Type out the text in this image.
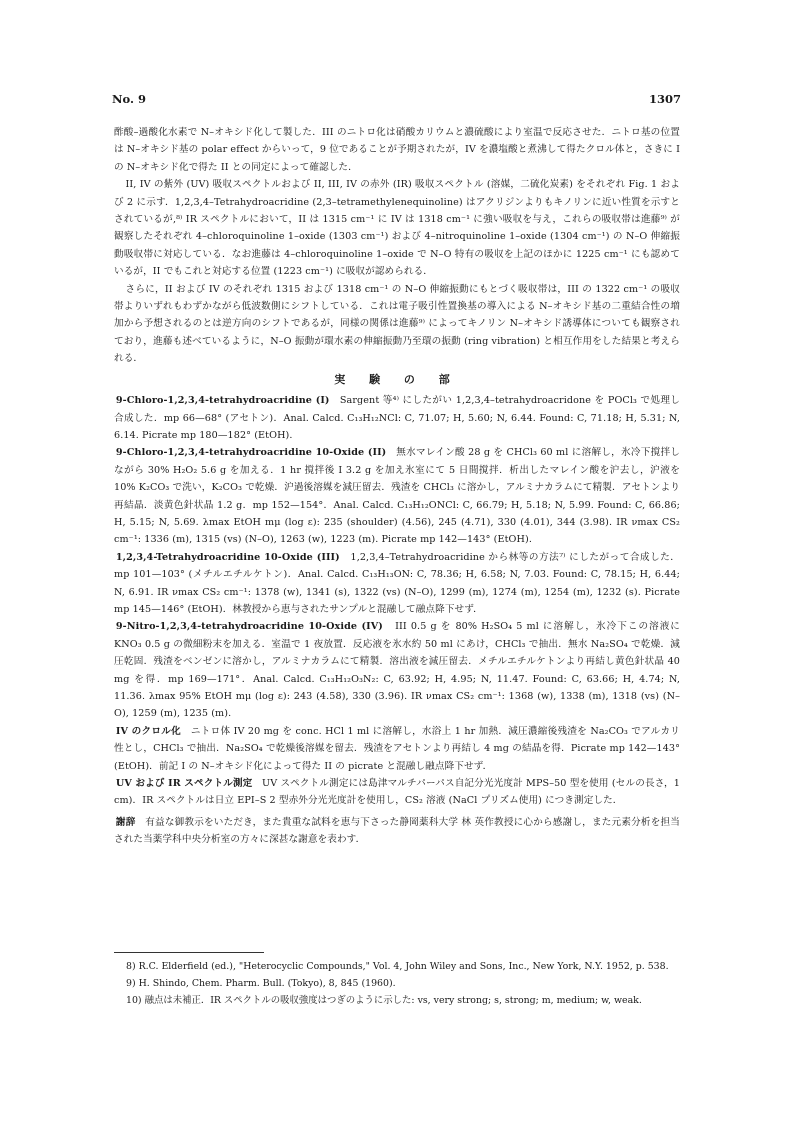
No. 9	1307

酢酸–過酸化水素で N–オキシド化して製した．III のニトロ化は硝酸カリウムと濃硫酸により室温で反応させた．ニトロ基の位置は N–オキシド基の polar effect からいって，9 位であることが予期されたが，IV を濃塩酸と煮沸して得たクロル体と，さきに I の N–オキシド化で得た II との同定によって確認した．

II, IV の紫外 (UV) 吸収スペクトルおよび II, III, IV の赤外 (IR) 吸収スペクトル (溶媒，二硫化炭素) をそれぞれ Fig. 1 および 2 に示す．1,2,3,4–Tetrahydroacridine (2,3–tetramethylenequinoline) はアクリジンよりもキノリンに近い性質を示すとされているが,⁸⁾ IR スペクトルにおいて，II は 1315 cm⁻¹ に IV は 1318 cm⁻¹ に強い吸収を与え，これらの吸収帯は進藤⁹⁾ が観察したそれぞれ 4–chloroquinoline 1–oxide (1303 cm⁻¹) および 4–nitroquinoline 1–oxide (1304 cm⁻¹) の N–O 伸縮振動吸収帯に対応している．なお進藤は 4–chloroquinoline 1–oxide で N–O 特有の吸収を上記のほかに 1225 cm⁻¹ にも認めているが，II でもこれと対応する位置 (1223 cm⁻¹) に吸収が認められる．

さらに，II および IV のそれぞれ 1315 および 1318 cm⁻¹ の N–O 伸縮振動にもとづく吸収帯は，III の 1322 cm⁻¹ の吸収帯よりいずれもわずかながら低波数側にシフトしている．これは電子吸引性置換基の導入による N–オキシド基の二重結合性の増加から予想されるのとは逆方向のシフトであるが，同様の関係は進藤⁹⁾ によってキノリン N–オキシド誘導体についても観察されており，進藤も述べているように，N–O 振動が環水素の伸縮振動乃至環の振動 (ring vibration) と相互作用をした結果と考えられる．

実 験 の 部

9-Chloro-1,2,3,4-tetrahydroacridine (I) Sargent 等⁴⁾ にしたがい 1,2,3,4–tetrahydroacridone を POCl₃ で処理し合成した．mp 66—68° (アセトン)．Anal. Calcd. C₁₃H₁₂NCl: C, 71.07; H, 5.60; N, 6.44. Found: C, 71.18; H, 5.31; N, 6.14. Picrate mp 180—182° (EtOH).

9-Chloro-1,2,3,4-tetrahydroacridine 10-Oxide (II) 無水マレイン酸 28 g を CHCl₃ 60 ml に溶解し，氷冷下撹拌しながら 30% H₂O₂ 5.6 g を加える．1 hr 撹拌後 I 3.2 g を加え氷室にて 5 日間撹拌．析出したマレイン酸を沪去し，沪液を 10% K₂CO₃ で洗い，K₂CO₃ で乾燥．沪過後溶媒を減圧留去．残渣を CHCl₃ に溶かし，アルミナカラムにて精製．アセトンより再結晶．淡黄色針状晶 1.2 g．mp 152—154°．Anal. Calcd. C₁₃H₁₂ONCl: C, 66.79; H, 5.18; N, 5.99. Found: C, 66.86; H, 5.15; N, 5.69. λmax EtOH mμ (log ε): 235 (shoulder) (4.56), 245 (4.71), 330 (4.01), 344 (3.98). IR νmax CS₂ cm⁻¹: 1336 (m), 1315 (vs) (N–O), 1263 (w), 1223 (m). Picrate mp 142—143° (EtOH).

1,2,3,4-Tetrahydroacridine 10-Oxide (III) 1,2,3,4–Tetrahydroacridine から林等の方法⁷⁾ にしたがって合成した．mp 101—103° (メチルエチルケトン)．Anal. Calcd. C₁₃H₁₃ON: C, 78.36; H, 6.58; N, 7.03. Found: C, 78.15; H, 6.44; N, 6.91. IR νmax CS₂ cm⁻¹: 1378 (w), 1341 (s), 1322 (vs) (N–O), 1299 (m), 1274 (m), 1254 (m), 1232 (s). Picrate mp 145—146° (EtOH)．林教授から恵与されたサンプルと混融して融点降下せず．

9-Nitro-1,2,3,4-tetrahydroacridine 10-Oxide (IV) III 0.5 g を 80% H₂SO₄ 5 ml に溶解し，氷冷下この溶液に KNO₃ 0.5 g の微細粉末を加える．室温で 1 夜放置．反応液を氷水約 50 ml にあけ，CHCl₃ で抽出．無水 Na₂SO₄ で乾燥．減圧乾固．残渣をベンゼンに溶かし，アルミナカラムにて精製．溶出液を減圧留去．メチルエチルケトンより再結し黄色針状晶 40 mg を得．mp 169—171°．Anal. Calcd. C₁₃H₁₂O₃N₂: C, 63.92; H, 4.95; N, 11.47. Found: C, 63.66; H, 4.74; N, 11.36. λmax 95% EtOH mμ (log ε): 243 (4.58), 330 (3.96). IR νmax CS₂ cm⁻¹: 1368 (w), 1338 (m), 1318 (vs) (N–O), 1259 (m), 1235 (m).

IV のクロル化 ニトロ体 IV 20 mg を conc. HCl 1 ml に溶解し，水浴上 1 hr 加熱．減圧濃縮後残渣を Na₂CO₃ でアルカリ性とし，CHCl₃ で抽出．Na₂SO₄ で乾燥後溶媒を留去．残渣をアセトンより再結し 4 mg の結晶を得．Picrate mp 142—143° (EtOH)．前記 I の N–オキシド化によって得た II の picrate と混融し融点降下せず．

UV および IR スペクトル測定 UV スペクトル測定には島津マルチパーパス自記分光光度計 MPS–50 型を使用 (セルの長さ，1 cm)．IR スペクトルは日立 EPI–S 2 型赤外分光光度計を使用し，CS₂ 溶液 (NaCl プリズム使用) につき測定した．

謝辞 有益な御教示をいただき，また貴重な試料を恵与下さった静岡薬科大学 林 英作教授に心から感謝し，また元素分析を担当された当薬学科中央分析室の方々に深甚な謝意を表わす．

8) R.C. Elderfield (ed.), "Heterocyclic Compounds," Vol. 4, John Wiley and Sons, Inc., New York, N.Y. 1952, p. 538.

9) H. Shindo, Chem. Pharm. Bull. (Tokyo), 8, 845 (1960).

10) 融点は未補正．IR スペクトルの吸収強度はつぎのように示した: vs, very strong; s, strong; m, medium; w, weak.
